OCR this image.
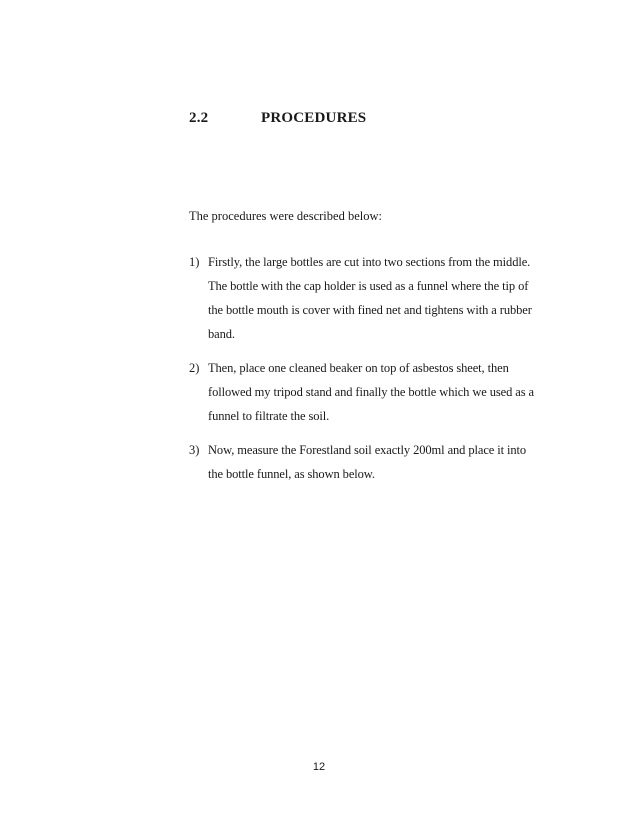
2.2	PROCEDURES
The procedures were described below:
1) Firstly, the large bottles are cut into two sections from the middle.
The bottle with the cap holder is used as a funnel where the tip of
the bottle mouth is cover with fined net and tightens with a rubber
band.
2) Then, place one cleaned beaker on top of asbestos sheet, then
followed my tripod stand and finally the bottle which we used as a
funnel to filtrate the soil.
3) Now, measure the Forestland soil exactly 200ml and place it into
the bottle funnel, as shown below.
12
